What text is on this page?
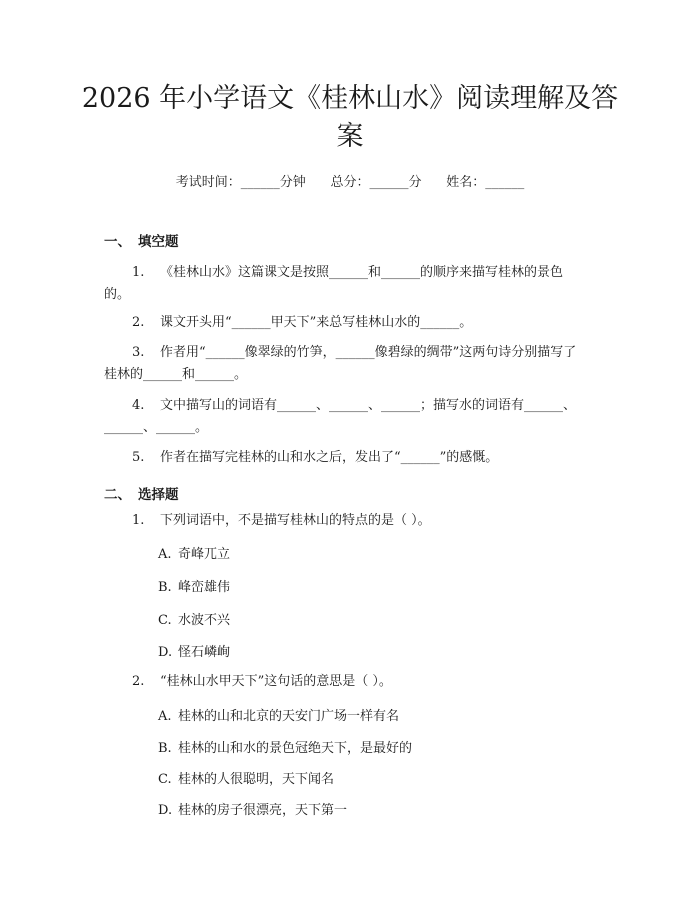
2026 年小学语文《桂林山水》阅读理解及答案
考试时间：______分钟      总分：______分      姓名：______
一、 填空题
1. 《桂林山水》这篇课文是按照______和______的顺序来描写桂林的景色的。
2. 课文开头用“______甲天下”来总写桂林山水的______。
3. 作者用“______像翠绿的竹笋，______像碧绿的绸带”这两句诗分别描写了桂林的______和______。
4. 文中描写山的词语有______、______、______；描写水的词语有______、______、______。
5. 作者在描写完桂林的山和水之后，发出了“______”的感慨。
二、 选择题
1. 下列词语中，不是描写桂林山的特点的是（ ）。
A. 奇峰兀立
B. 峰峦雄伟
C. 水波不兴
D. 怪石嶙峋
2. “桂林山水甲天下”这句话的意思是（ ）。
A. 桂林的山和北京的天安门广场一样有名
B. 桂林的山和水的景色冠绝天下，是最好的
C. 桂林的人很聪明，天下闻名
D. 桂林的房子很漂亮，天下第一
